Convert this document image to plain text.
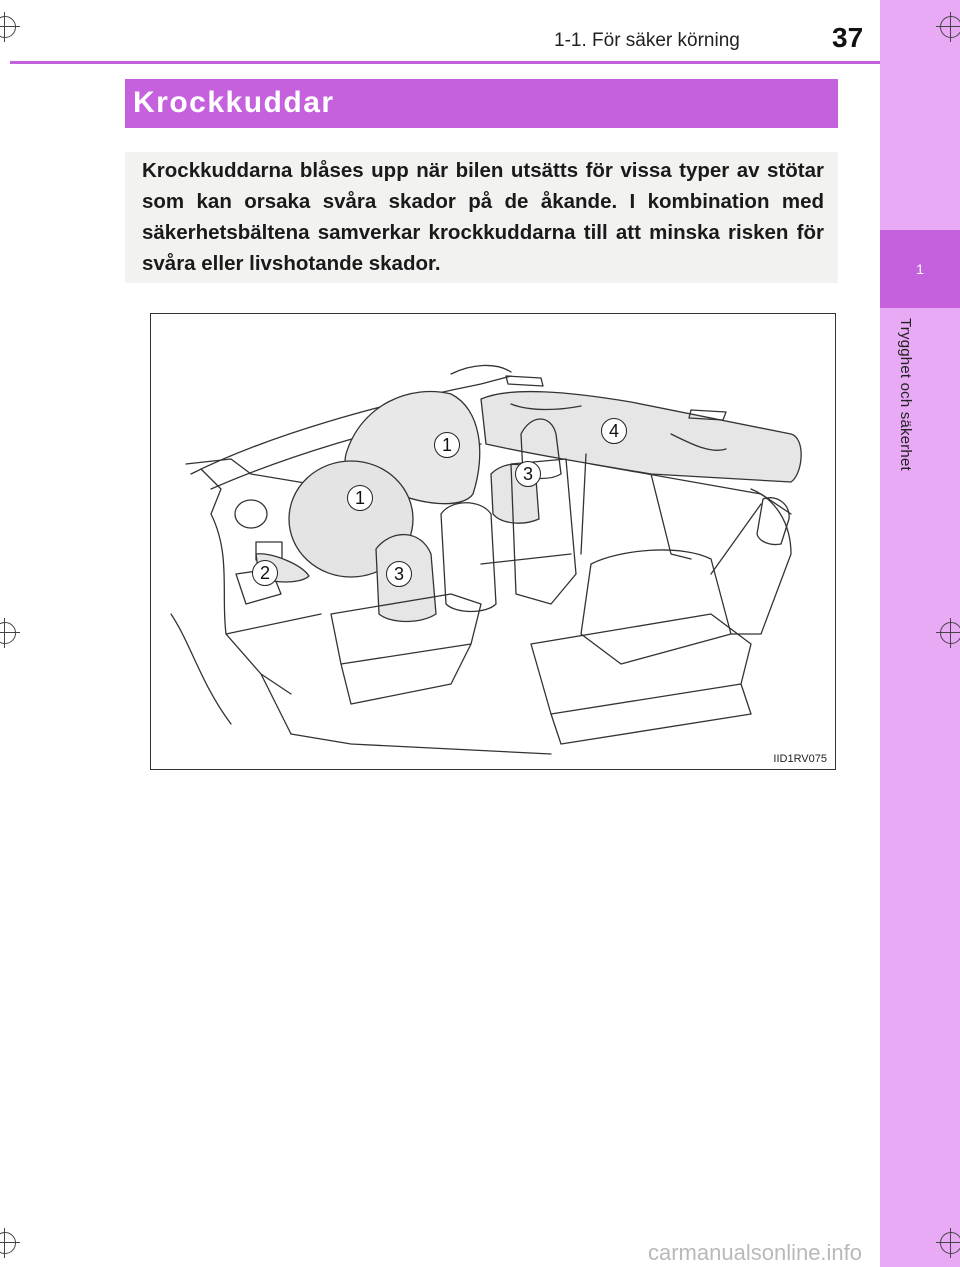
1
Trygghet och säkerhet
1-1. För säker körning	37
Krockkuddar

Krockkuddarna blåses upp när bilen utsätts för vissa typer av stötar som kan orsaka svåra skador på de åkande. I kombination med säkerhetsbältena samverkar krockkuddarna till att minska risken för svåra eller livshotande skador.

1
1
2	3
3
4
IID1RV075
carmanualsonline.info
